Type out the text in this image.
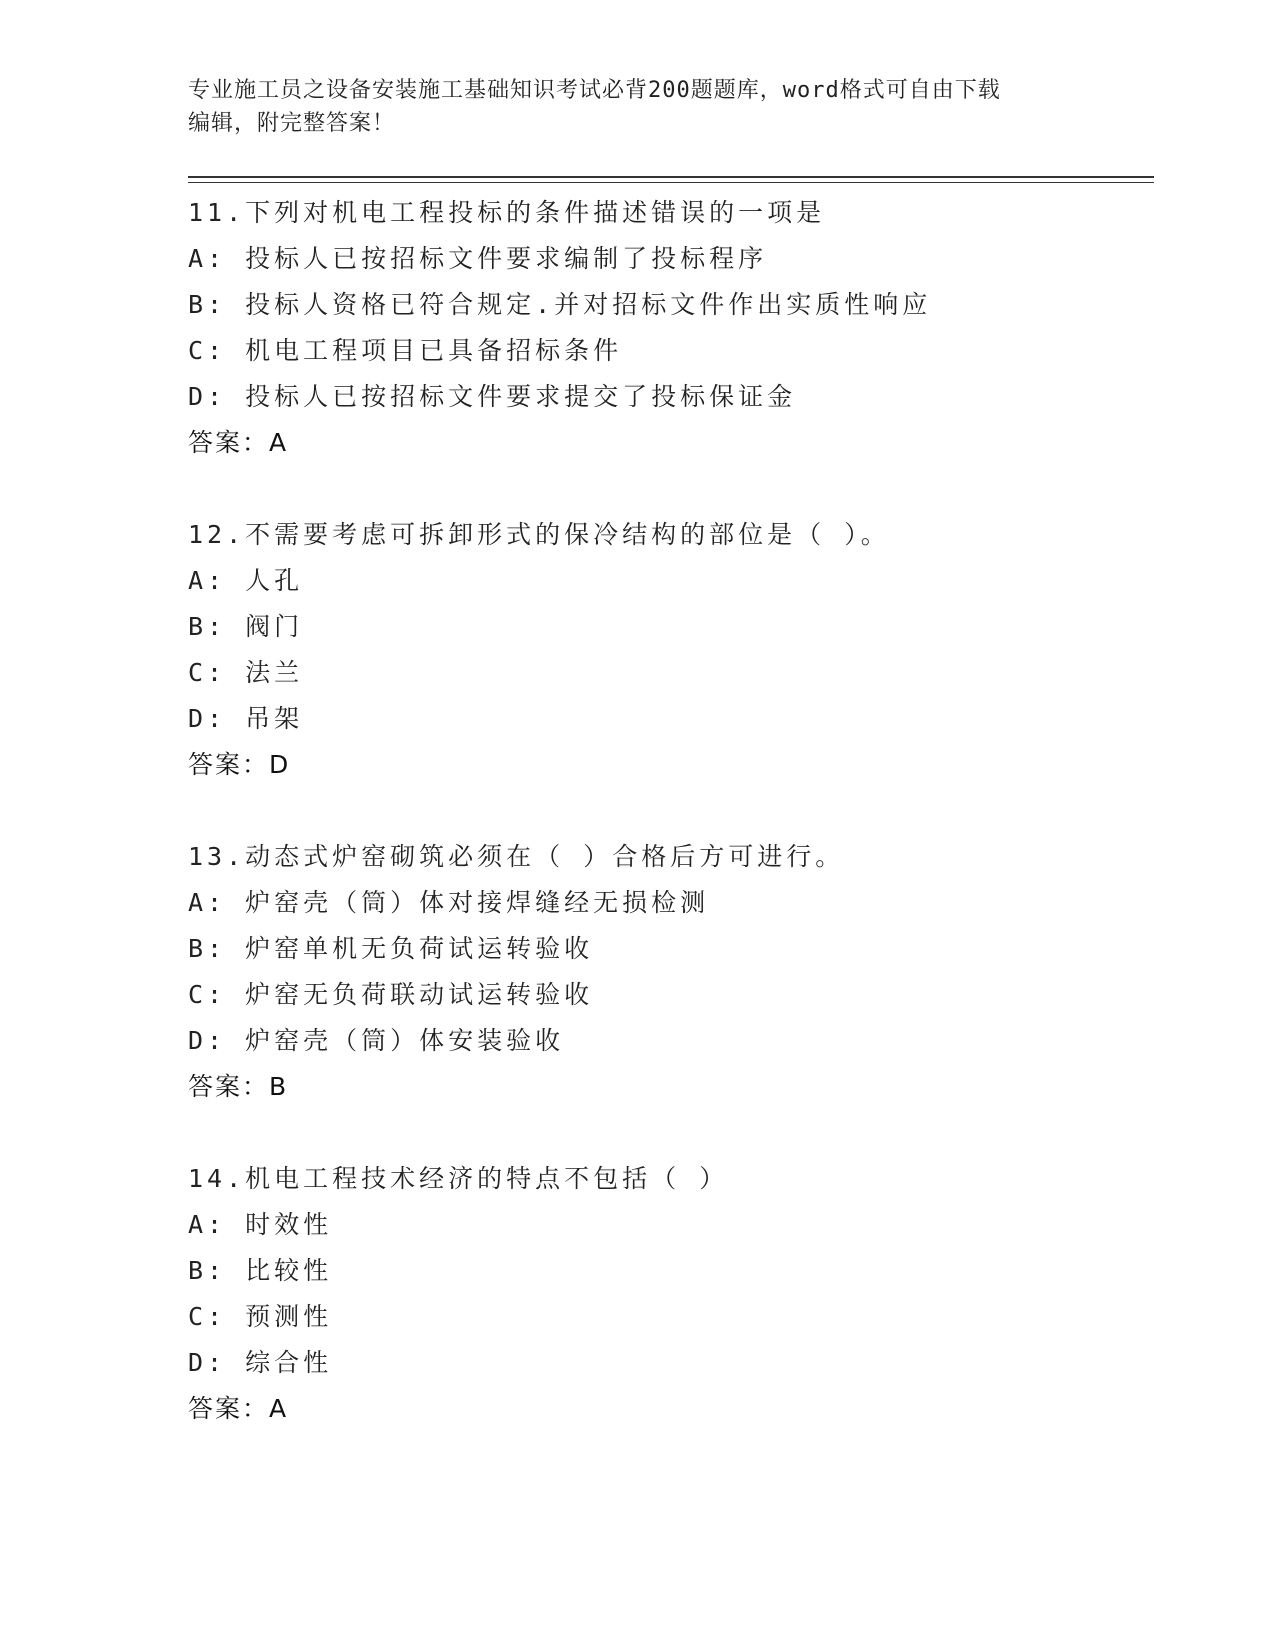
专业施工员之设备安装施工基础知识考试必背200题题库，word格式可自由下载
编辑，附完整答案！
11.下列对机电工程投标的条件描述错误的一项是
A: 投标人已按招标文件要求编制了投标程序
B: 投标人资格已符合规定.并对招标文件作出实质性响应
C: 机电工程项目已具备招标条件
D: 投标人已按招标文件要求提交了投标保证金
答案：A
12.不需要考虑可拆卸形式的保冷结构的部位是（ ）。
A: 人孔
B: 阀门
C: 法兰
D: 吊架
答案：D
13.动态式炉窑砌筑必须在（ ）合格后方可进行。
A: 炉窑壳（筒）体对接焊缝经无损检测
B: 炉窑单机无负荷试运转验收
C: 炉窑无负荷联动试运转验收
D: 炉窑壳（筒）体安装验收
答案：B
14.机电工程技术经济的特点不包括（ ）
A: 时效性
B: 比较性
C: 预测性
D: 综合性
答案：A
